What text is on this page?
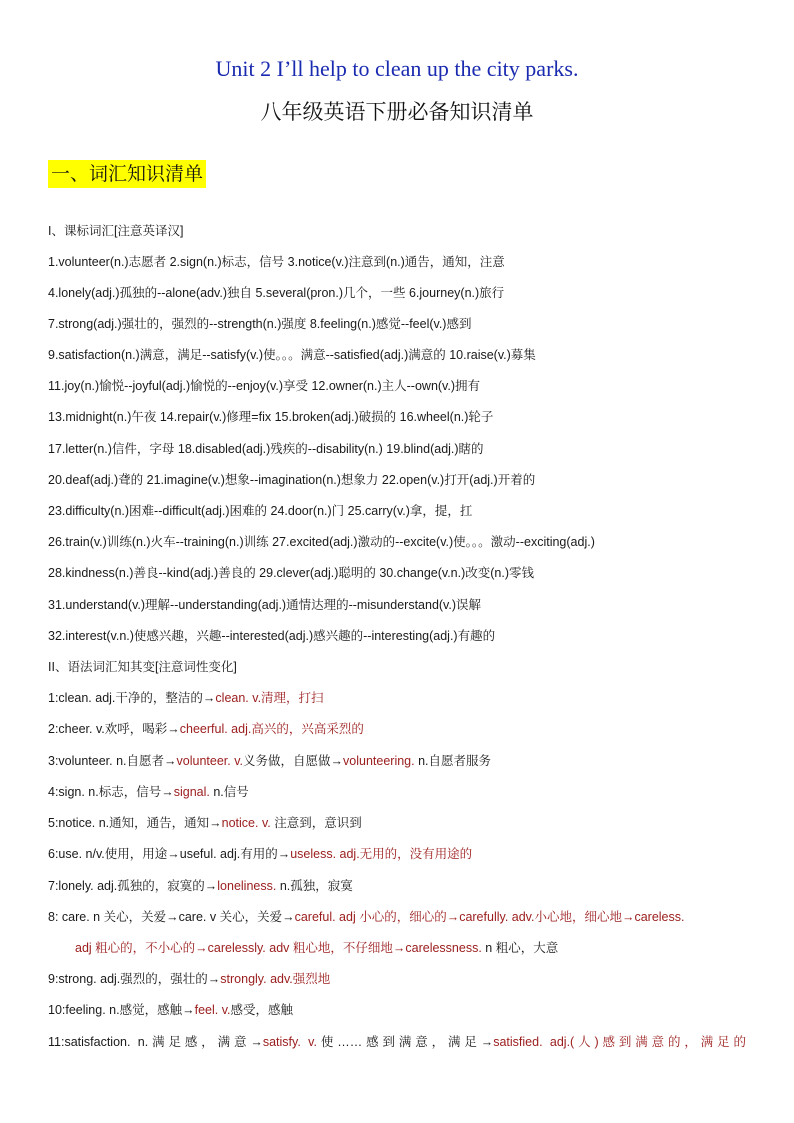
Unit 2 I’ll help to clean up the city parks.
八年级英语下册必备知识清单
一、词汇知识清单
I、课标词汇[注意英译汉]
1.volunteer(n.)志愿者 2.sign(n.)标志，信号 3.notice(v.)注意到(n.)通告，通知，注意
4.lonely(adj.)孤独的--alone(adv.)独自 5.several(pron.)几个，一些 6.journey(n.)旅行
7.strong(adj.)强壮的，强烈的--strength(n.)强度 8.feeling(n.)感觉--feel(v.)感到
9.satisfaction(n.)满意，满足--satisfy(v.)使。。。满意--satisfied(adj.)满意的 10.raise(v.)募集
11.joy(n.)愉悦--joyful(adj.)愉悦的--enjoy(v.)享受 12.owner(n.)主人--own(v.)拥有
13.midnight(n.)午夜 14.repair(v.)修理=fix 15.broken(adj.)破损的 16.wheel(n.)轮子
17.letter(n.)信件，字母 18.disabled(adj.)残疾的--disability(n.) 19.blind(adj.)瞎的
20.deaf(adj.)聋的 21.imagine(v.)想象--imagination(n.)想象力 22.open(v.)打开(adj.)开着的
23.difficulty(n.)困难--difficult(adj.)困难的 24.door(n.)门 25.carry(v.)拿，提，扛
26.train(v.)训练(n.)火车--training(n.)训练 27.excited(adj.)激动的--excite(v.)使。。。激动--exciting(adj.)
28.kindness(n.)善良--kind(adj.)善良的 29.clever(adj.)聪明的 30.change(v.n.)改变(n.)零钱
31.understand(v.)理解--understanding(adj.)通情达理的--misunderstand(v.)误解
32.interest(v.n.)使感兴趣，兴趣--interested(adj.)感兴趣的--interesting(adj.)有趣的
II、语法词汇知其变[注意词性变化]
1:clean. adj.干净的，整洁的→clean. v.清理，打扫
2:cheer. v.欢呼，喝彩→cheerful. adj.高兴的，兴高采烈的
3:volunteer. n.自愿者→volunteer. v.义务做，自愿做→volunteering. n.自愿者服务
4:sign. n.标志，信号→signal. n.信号
5:notice. n.通知，通告，通知→notice. v. 注意到，意识到
6:use. n/v.使用，用途→useful. adj.有用的→useless. adj.无用的，没有用途的
7:lonely. adj.孤独的，寂寞的→loneliness. n.孤独，寂寞
8: care. n 关心，关爱→care. v 关心，关爱→careful. adj 小心的，细心的→carefully. adv.小心地，细心地→careless.
adj 粗心的，不小心的→carelessly. adv 粗心地，不仔细地→carelessness. n 粗心，大意
9:strong. adj.强烈的，强壮的→strongly. adv.强烈地
10:feeling. n.感觉，感触→feel. v.感受，感触
11:satisfaction. n.满足感，满意→satisfy. v.使……感到满意，满足→satisfied. adj.(人)感到满意的，满足的
